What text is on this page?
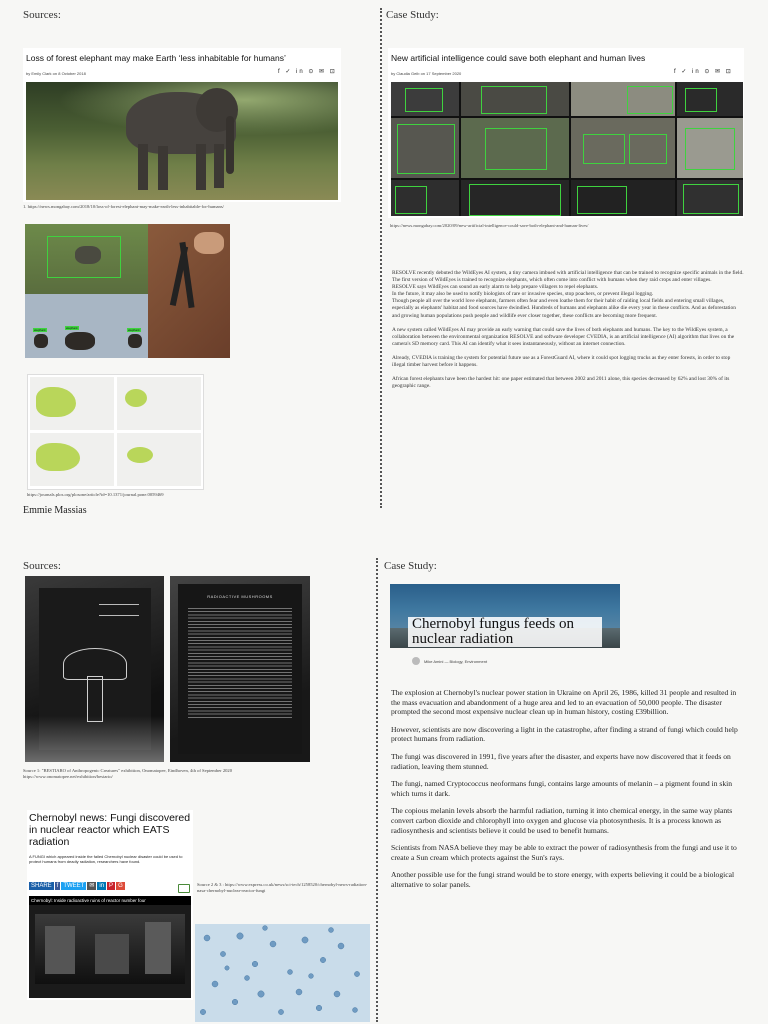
Sources:	Case Study:
Loss of forest elephant may make Earth ‘less inhabitable for humans’
by Emily Clark on 8 October 2018	f ✓ in ⊙ ✉ ⊡
1. https://news.mongabay.com/2018/10/loss-of-forest-elephant-may-make-earth-less-inhabitable-for-humans/
elephant	elephant	elephant
https://journals.plos.org/plosone/article?id=10.1371/journal.pone.0059469
Emmie Massias
New artificial intelligence could save both elephant and human lives
by Claudia Geib on 17 September 2020	f ✓ in ⊙ ✉ ⊡
https://news.mongabay.com/2020/09/new-artificial-intelligence-could-save-both-elephant-and-human-lives/

RESOLVE recently debuted the WildEyes AI system, a tiny camera imbued with artificial intelligence that can be trained to recognize specific animals in the field.
The first version of WildEyes is trained to recognize elephants, which often come into conflict with humans when they raid crops and enter villages.
RESOLVE says WildEyes can sound an early alarm to help prepare villagers to repel elephants.
In the future, it may also be used to notify biologists of rare or invasive species, stop poachers, or prevent illegal logging.
Though people all over the world love elephants, farmers often fear and even loathe them for their habit of raiding local fields and entering small villages, especially as elephants' habitat and food sources have dwindled. Hundreds of humans and elephants alike die every year in these conflicts. And as deforestation and growing human populations push people and wildlife ever closer together, these conflicts are becoming more frequent.

A new system called WildEyes AI may provide an early warning that could save the lives of both elephants and humans. The key to the WildEyes system, a collaboration between the environmental organization RESOLVE and software developer CVEDIA, is an artificial intelligence (AI) algorithm that lives on the camera's SD memory card. This AI can identify what it sees instantaneously, without an internet connection.

Already, CVEDIA is training the system for potential future use as a ForestGuard AI, where it could spot logging trucks as they enter forests, in order to stop illegal timber harvest before it happens.

African forest elephants have been the hardest hit: one paper estimated that between 2002 and 2011 alone, this species decreased by 62% and lost 30% of its geographic range.

Sources:	Case Study:
RADIOACTIVE MUSHROOMS
Source 1: "BESTIARO of Anthropogenic Creatures" exhibition, Onomatopee, Eindhoven, 4th of September 2020
https://www.onomatopee.net/exhibition/bestario/
Chernobyl news: Fungi discovered in nuclear reactor which EATS radiation
A FUNGI which appeared inside the failed Chernobyl nuclear disaster could be used to protect humans from deadly radiation, researchers have found.
SHARE f TWEET ✉ in P G
Chernobyl: Inside radioactive ruins of reactor number four
Source 2 & 3 : https://www.express.co.uk/news/sci-tech/1258520/chernobyl-news-radiation-nasa-chernobyl-nuclear-reactor-fungi
Chernobyl fungus feeds on nuclear radiation
Mike Amini — Biology, Environment

The explosion at Chernobyl's nuclear power station in Ukraine on April 26, 1986, killed 31 people and resulted in the mass evacuation and abandonment of a huge area and led to an evacuation of 50,000 people. The disaster prompted the second most expensive nuclear clean up in human history, costing £39billion.

However, scientists are now discovering a light in the catastrophe, after finding a strand of fungi which could help protect humans from radiation.

The fungi was discovered in 1991, five years after the disaster, and experts have now discovered that it feeds on radiation, leaving them stunned.

The fungi, named Cryptococcus neoformans fungi, contains large amounts of melanin – a pigment found in skin which turns it dark.

The copious melanin levels absorb the harmful radiation, turning it into chemical energy, in the same way plants convert carbon dioxide and chlorophyll into oxygen and glucose via photosynthesis. It is a process known as radiosynthesis and scientists believe it could be used to benefit humans.

Scientists from NASA believe they may be able to extract the power of radiosynthesis from the fungi and use it to create a Sun cream which protects against the Sun's rays.

Another possible use for the fungi strand would be to store energy, with experts believing it could be a biological alternative to solar panels.
